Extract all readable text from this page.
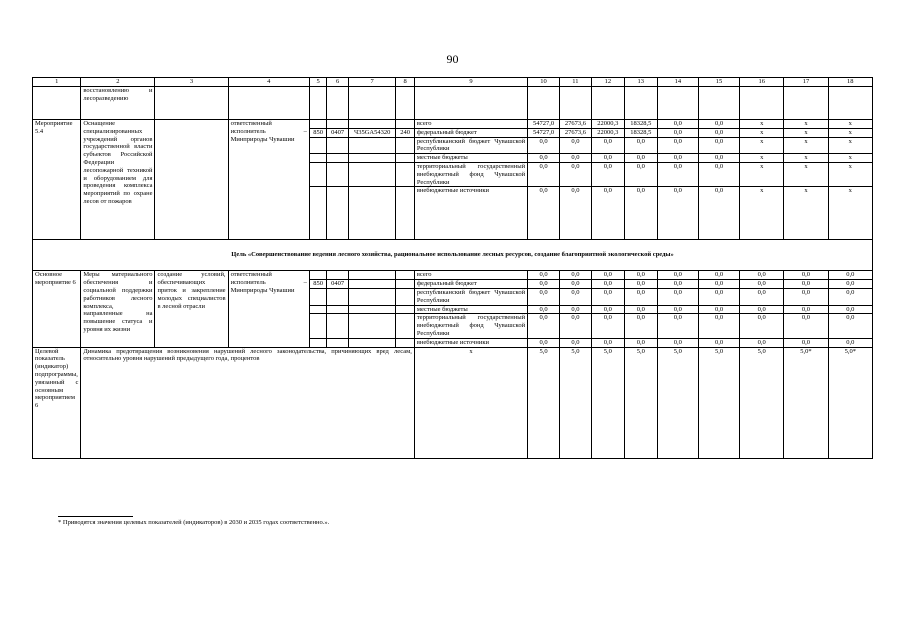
90
1	2	3	4	5	6	7	8	9	10	11	12	13	14	15	16	17	18
	восстановлению и лесоразведению																
Мероприятие 5.4	Оснащение специализированных учреждений органов государственной власти субъектов Российской Федерации лесопожарной техникой и оборудованием для проведения комплекса мероприятий по охране лесов от пожаров		ответственный исполнитель – Минприроды Чувашии					всего	54727,0	27673,6	22000,3	18328,5	0,0	0,0	x	x	x
				850	0407	Ч35GA54320	240	федеральный бюджет	54727,0	27673,6	22000,3	18328,5	0,0	0,0	x	x	x
								республиканский бюджет Чувашской Республики	0,0	0,0	0,0	0,0	0,0	0,0	x	x	x
								местные бюджеты	0,0	0,0	0,0	0,0	0,0	0,0	x	x	x
								территориальный государственный внебюджетный фонд Чувашской Республики	0,0	0,0	0,0	0,0	0,0	0,0	x	x	x
								внебюджетные источники	0,0	0,0	0,0	0,0	0,0	0,0	x	x	x
Цель «Совершенствование ведения лесного хозяйства, рациональное использование лесных ресурсов, создание благоприятной экологической среды»																	
Основное мероприятие 6	Меры материального обеспечения и социальной поддержки работников лесного комплекса, направленные на повышение статуса и уровня их жизни	создание условий, обеспечивающих приток и закрепление молодых специалистов в лесной отрасли	ответственный исполнитель – Минприроды Чувашии					всего	0,0	0,0	0,0	0,0	0,0	0,0	0,0	0,0	0,0
				850	0407			федеральный бюджет	0,0	0,0	0,0	0,0	0,0	0,0	0,0	0,0	0,0
								республиканский бюджет Чувашской Республики	0,0	0,0	0,0	0,0	0,0	0,0	0,0	0,0	0,0
								местные бюджеты	0,0	0,0	0,0	0,0	0,0	0,0	0,0	0,0	0,0
								территориальный государственный внебюджетный фонд Чувашской Республики	0,0	0,0	0,0	0,0	0,0	0,0	0,0	0,0	0,0
								внебюджетные источники	0,0	0,0	0,0	0,0	0,0	0,0	0,0	0,0	0,0
Целевой показатель (индикатор) подпрограммы, увязанный с основным мероприятием 6	Динамика предотвращения возникновения нарушений лесного законодательства, причиняющих вред лесам, относительно уровня нарушений предыдущего года, процентов							x	5,0	5,0	5,0	5,0	5,0	5,0	5,0	5,0*	5,0*
* Приводятся значения целевых показателей (индикаторов) в 2030 и 2035 годах соответственно.».
